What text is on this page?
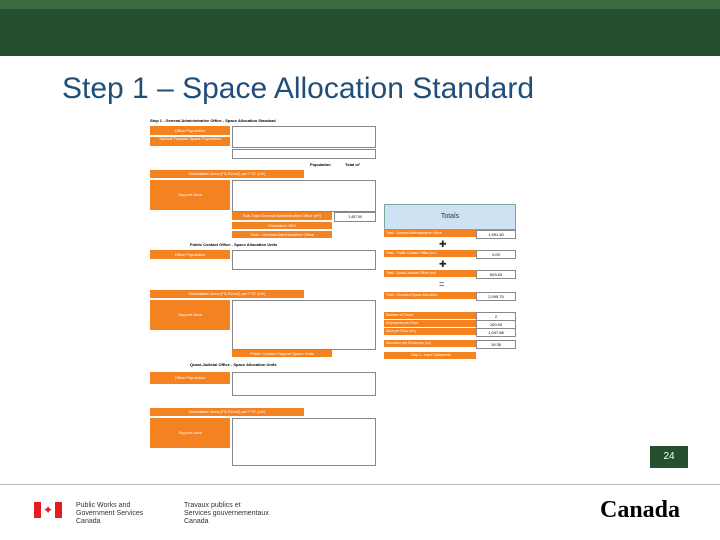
Step 1 – Space Allocation Standard
Step 1 - General Administrative Office - Space Allocation Standard
Office Population
Special Purpose Space Population
Population	Total m²
Workstation Area (FS-F2/m2) per FTE (m2)
Support Area
Sub-Total General Administrative Office (m²)	1,457.50
Circulation 18%
Total - General Administrative Office
Public Contact Office - Space Allocation Units
Office Population
Workstation Area (FS-F2/m2) per FTE (m2)
Support Area
Public Contact Support Space Units
Quasi-Judicial Office - Space Allocation Units
Office Population
Workstation Area (FS-F2/m2) per FTE (m2)
Support Area
Totals
Total - General Administrative Office	1,591.50
✚
Total - Public Contact Office (m²)	0.00
✚
Total - Quasi-Judicial Office (m²)	503.63
=
Total - Standard Space Allocation	2,095.75
Number of Floors	2
Employees per Floor	100.00
Area per Floor (m²)	1,047.88
Allocation per Employee (m²)	19.35
Step 1 - Input Datasheets
24
✦	Public Works and
Government Services
Canada
Travaux publics et
Services gouvernementaux
Canada	Canada
